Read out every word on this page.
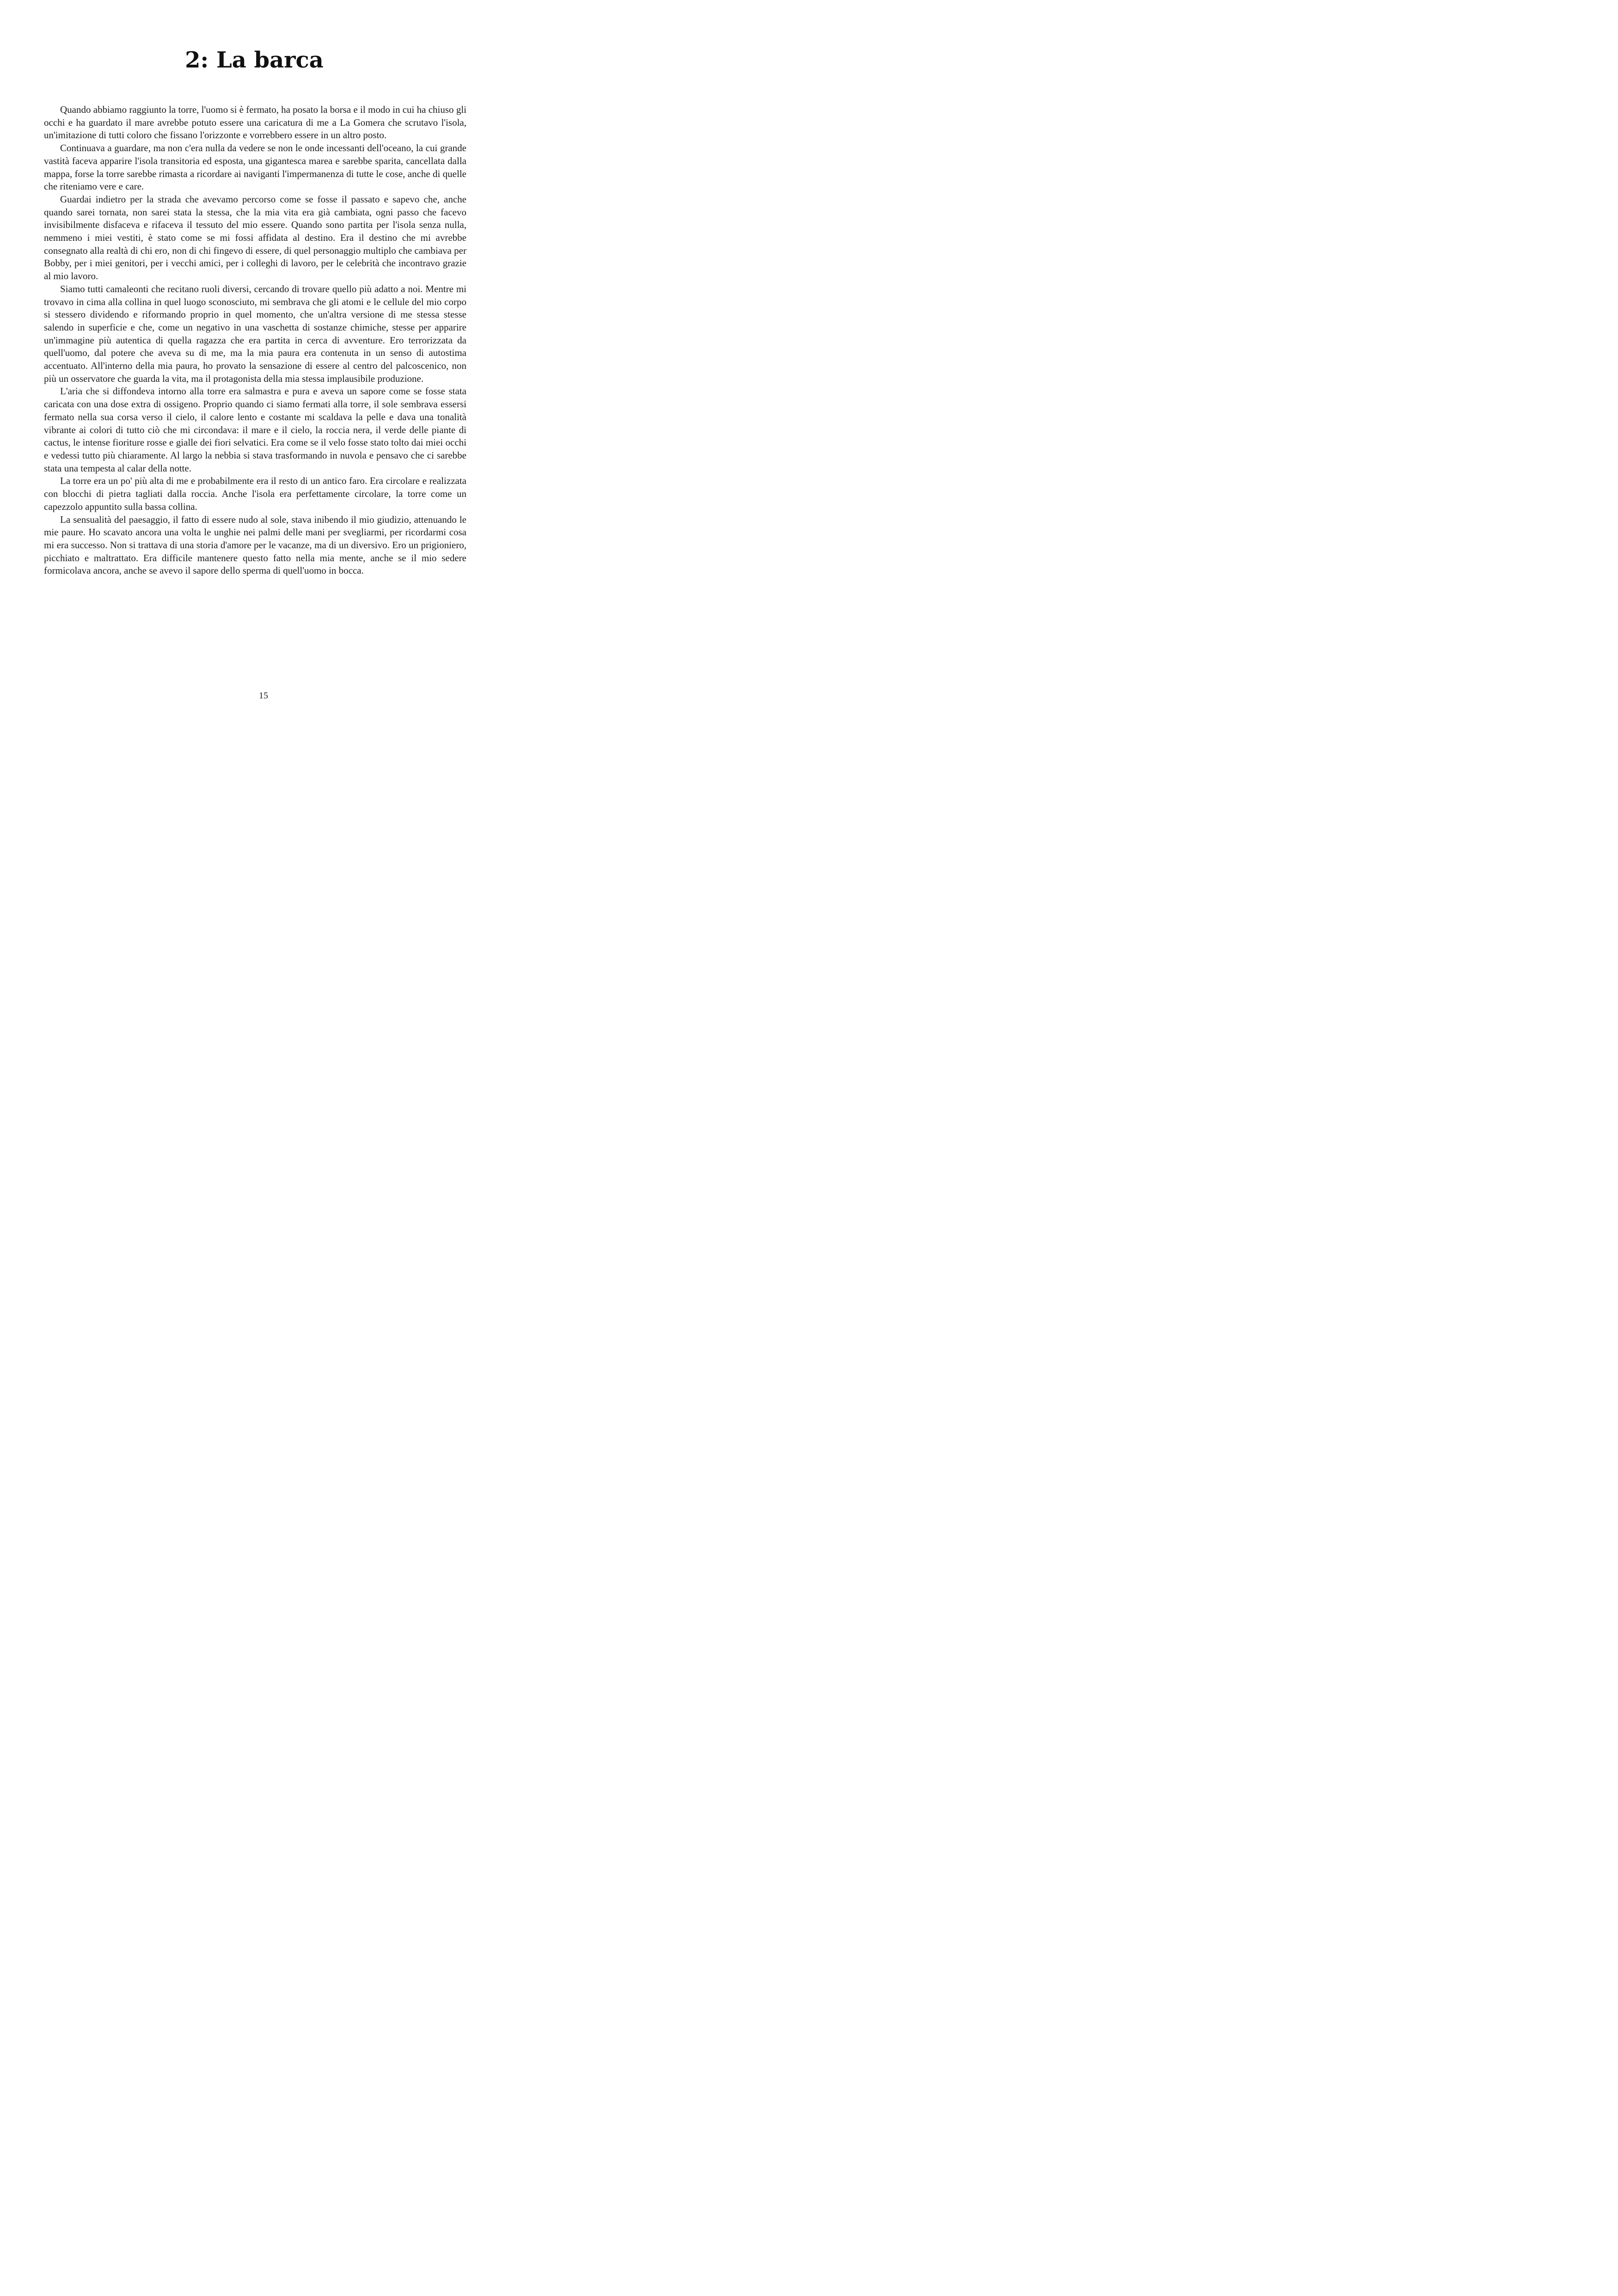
2: La barca

Quando abbiamo raggiunto la torre, l'uomo si è fermato, ha posato la borsa e il modo in cui ha chiuso gli occhi e ha guardato il mare avrebbe potuto essere una caricatura di me a La Gomera che scrutavo l'isola, un'imitazione di tutti coloro che fissano l'orizzonte e vorrebbero essere in un altro posto.

Continuava a guardare, ma non c'era nulla da vedere se non le onde incessanti dell'oceano, la cui grande vastità faceva apparire l'isola transitoria ed esposta, una gigantesca marea e sarebbe sparita, cancellata dalla mappa, forse la torre sarebbe rimasta a ricordare ai naviganti l'impermanenza di tutte le cose, anche di quelle che riteniamo vere e care.

Guardai indietro per la strada che avevamo percorso come se fosse il passato e sapevo che, anche quando sarei tornata, non sarei stata la stessa, che la mia vita era già cambiata, ogni passo che facevo invisibilmente disfaceva e rifaceva il tessuto del mio essere. Quando sono partita per l'isola senza nulla, nemmeno i miei vestiti, è stato come se mi fossi affidata al destino. Era il destino che mi avrebbe consegnato alla realtà di chi ero, non di chi fingevo di essere, di quel personaggio multiplo che cambiava per Bobby, per i miei genitori, per i vecchi amici, per i colleghi di lavoro, per le celebrità che incontravo grazie al mio lavoro.

Siamo tutti camaleonti che recitano ruoli diversi, cercando di trovare quello più adatto a noi. Mentre mi trovavo in cima alla collina in quel luogo sconosciuto, mi sembrava che gli atomi e le cellule del mio corpo si stessero dividendo e riformando proprio in quel momento, che un'altra versione di me stessa stesse salendo in superficie e che, come un negativo in una vaschetta di sostanze chimiche, stesse per apparire un'immagine più autentica di quella ragazza che era partita in cerca di avventure. Ero terrorizzata da quell'uomo, dal potere che aveva su di me, ma la mia paura era contenuta in un senso di autostima accentuato. All'interno della mia paura, ho provato la sensazione di essere al centro del palcoscenico, non più un osservatore che guarda la vita, ma il protagonista della mia stessa implausibile produzione.

L'aria che si diffondeva intorno alla torre era salmastra e pura e aveva un sapore come se fosse stata caricata con una dose extra di ossigeno. Proprio quando ci siamo fermati alla torre, il sole sembrava essersi fermato nella sua corsa verso il cielo, il calore lento e costante mi scaldava la pelle e dava una tonalità vibrante ai colori di tutto ciò che mi circondava: il mare e il cielo, la roccia nera, il verde delle piante di cactus, le intense fioriture rosse e gialle dei fiori selvatici. Era come se il velo fosse stato tolto dai miei occhi e vedessi tutto più chiaramente. Al largo la nebbia si stava trasformando in nuvola e pensavo che ci sarebbe stata una tempesta al calar della notte.

La torre era un po' più alta di me e probabilmente era il resto di un antico faro. Era circolare e realizzata con blocchi di pietra tagliati dalla roccia. Anche l'isola era perfettamente circolare, la torre come un capezzolo appuntito sulla bassa collina.

La sensualità del paesaggio, il fatto di essere nudo al sole, stava inibendo il mio giudizio, attenuando le mie paure. Ho scavato ancora una volta le unghie nei palmi delle mani per svegliarmi, per ricordarmi cosa mi era successo. Non si trattava di una storia d'amore per le vacanze, ma di un diversivo. Ero un prigioniero, picchiato e maltrattato. Era difficile mantenere questo fatto nella mia mente, anche se il mio sedere formicolava ancora, anche se avevo il sapore dello sperma di quell'uomo in bocca.

15
